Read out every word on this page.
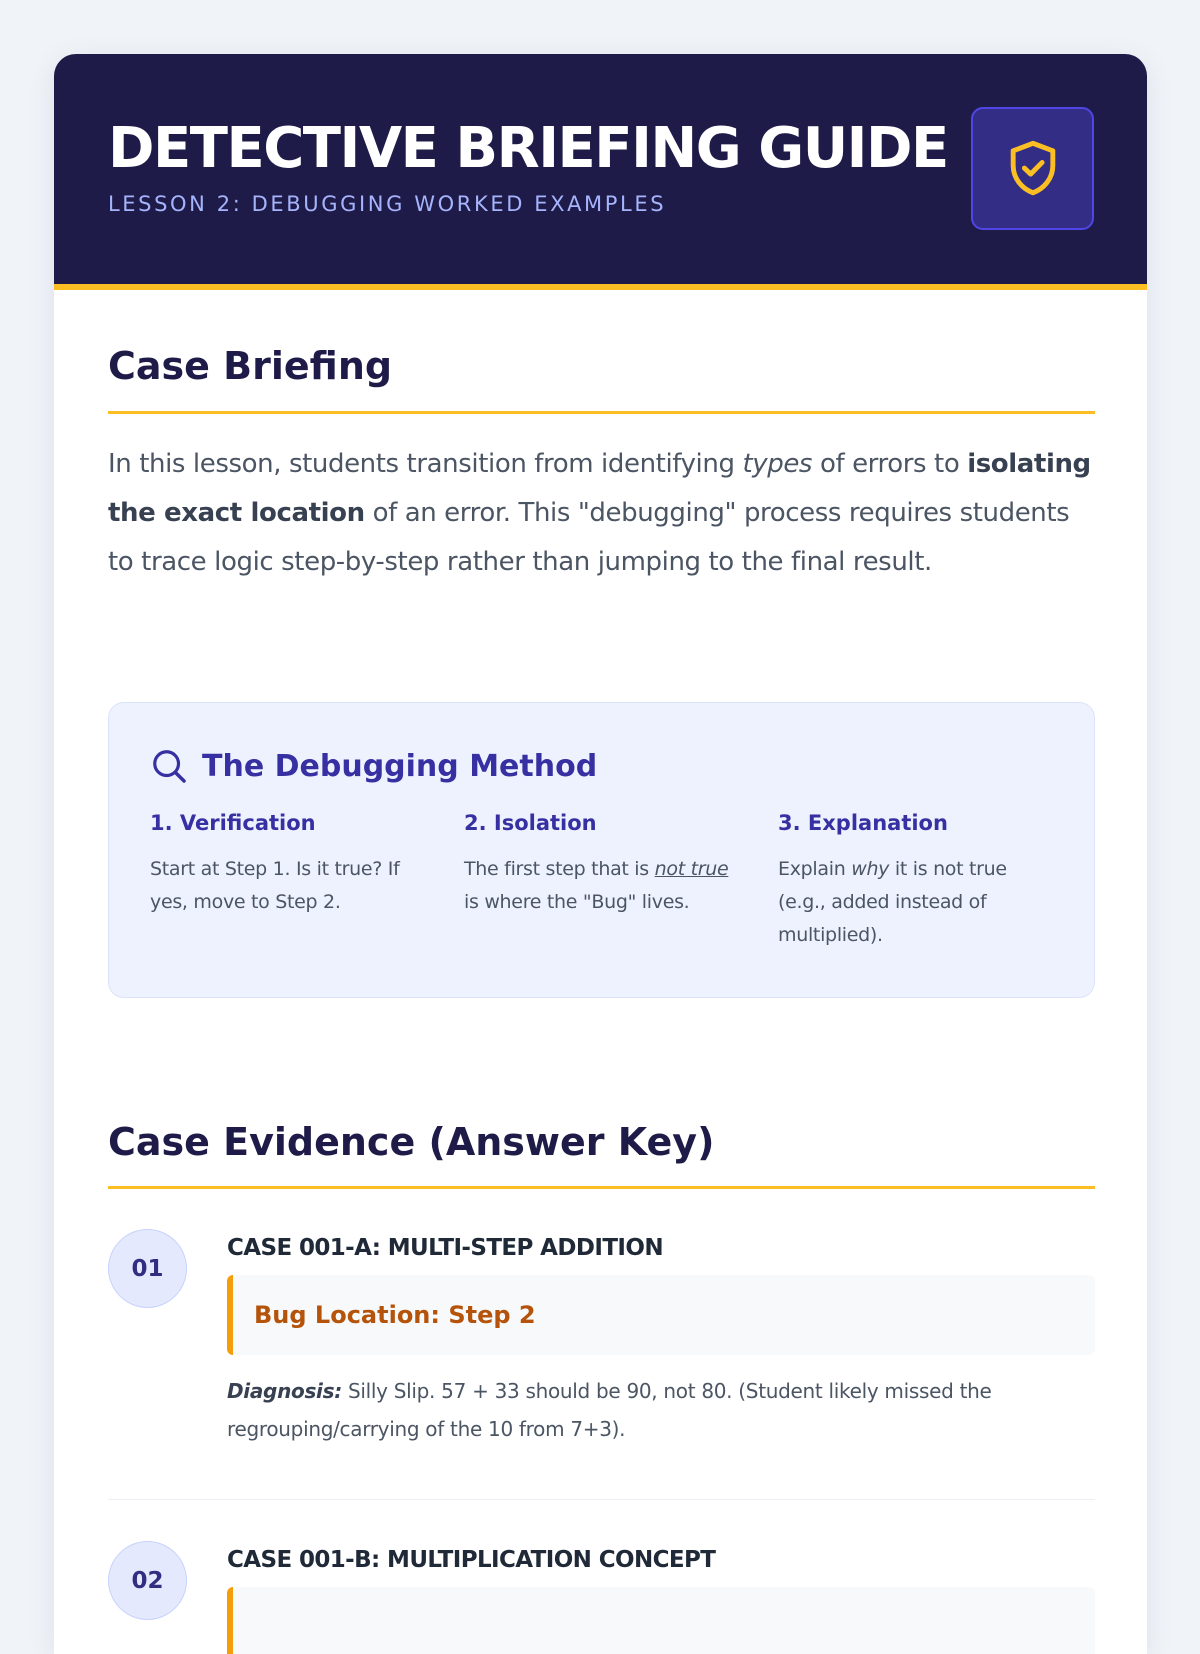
DETECTIVE BRIEFING GUIDE
LESSON 2: DEBUGGING WORKED EXAMPLES
Case Briefing

In this lesson, students transition from identifying types of errors to isolating the exact location of an error. This "debugging" process requires students to trace logic step-by-step rather than jumping to the final result.

The Debugging Method
1. Verification
Start at Step 1. Is it true? If yes, move to Step 2.
2. Isolation
The first step that is not true is where the "Bug" lives.
3. Explanation
Explain why it is not true (e.g., added instead of multiplied).
Case Evidence (Answer Key)
01
CASE 001-A: MULTI-STEP ADDITION
Bug Location: Step 2
Diagnosis: Silly Slip. 57 + 33 should be 90, not 80. (Student likely missed the regrouping/carrying of the 10 from 7+3).
02
CASE 001-B: MULTIPLICATION CONCEPT
